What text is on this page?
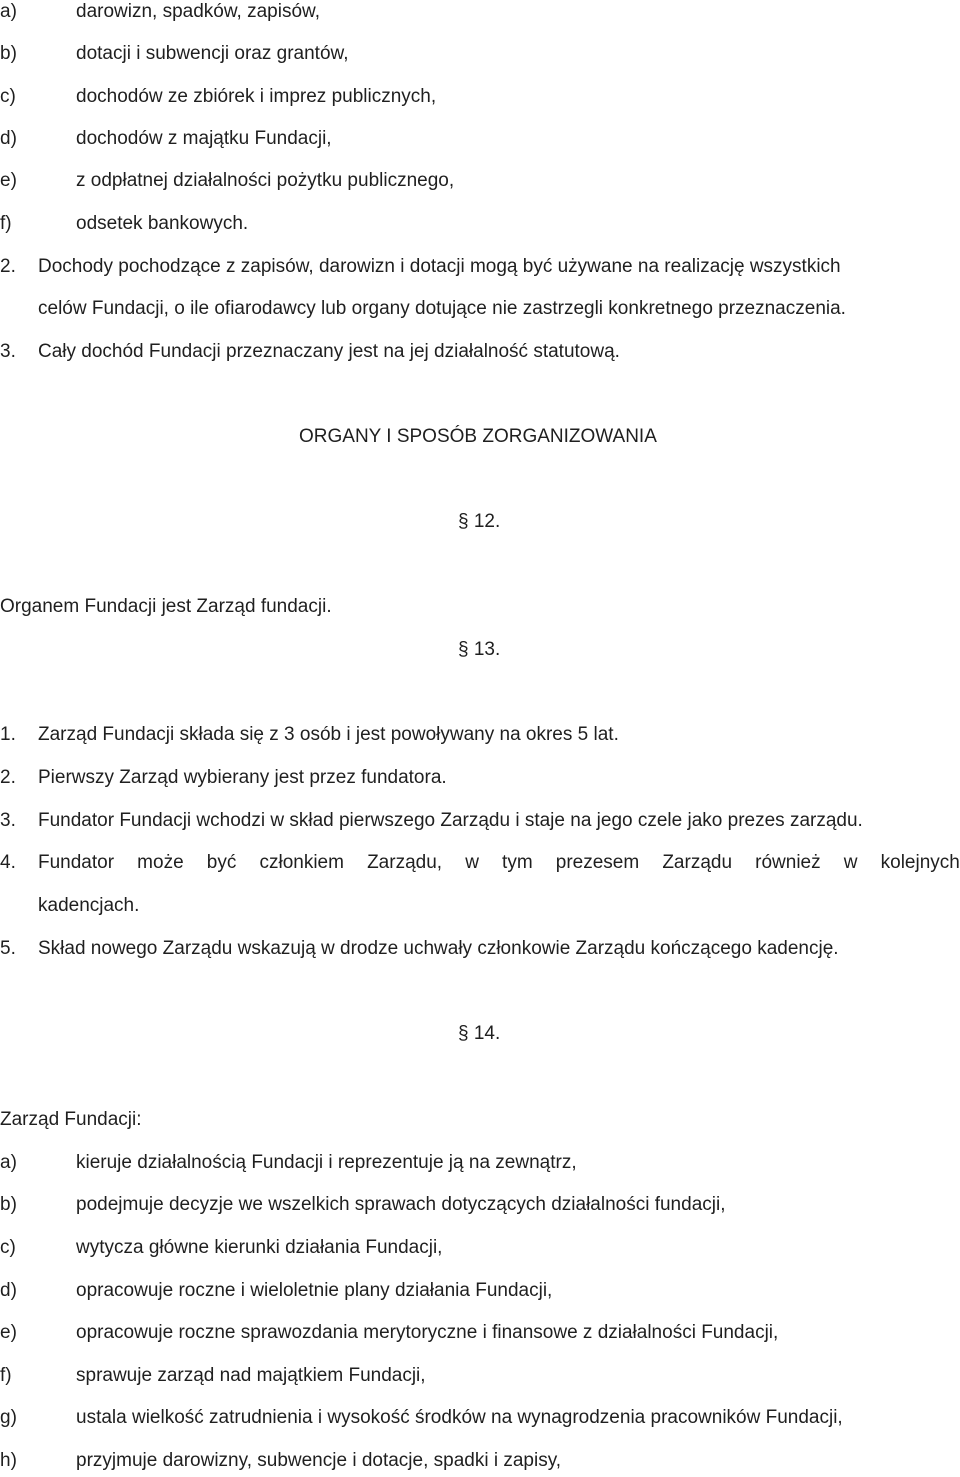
a)	darowizn, spadków, zapisów,
b)	dotacji i subwencji oraz grantów,
c)	dochodów ze zbiórek i imprez publicznych,
d)	dochodów z majątku Fundacji,
e)	z odpłatnej działalności pożytku publicznego,
f)	odsetek bankowych.
2. Dochody pochodzące z zapisów, darowizn i dotacji mogą być używane na realizację wszystkich
celów Fundacji, o ile ofiarodawcy lub organy dotujące nie zastrzegli konkretnego przeznaczenia.
3. Cały dochód Fundacji przeznaczany jest na jej działalność statutową.
ORGANY I SPOSÓB ZORGANIZOWANIA
§ 12.
Organem Fundacji jest Zarząd fundacji.
§ 13.
1. Zarząd Fundacji składa się z 3 osób i jest powoływany na okres 5 lat.
2. Pierwszy Zarząd wybierany jest przez fundatora.
3. Fundator Fundacji wchodzi w skład pierwszego Zarządu i staje na jego czele jako prezes zarządu.
4. Fundator może być członkiem Zarządu, w tym prezesem Zarządu również w kolejnych
kadencjach.
5. Skład nowego Zarządu wskazują w drodze uchwały członkowie Zarządu kończącego kadencję.
§ 14.
Zarząd Fundacji:
a)	kieruje działalnością Fundacji i reprezentuje ją na zewnątrz,
b)	podejmuje decyzje we wszelkich sprawach dotyczących działalności fundacji,
c)	wytycza główne kierunki działania Fundacji,
d)	opracowuje roczne i wieloletnie plany działania Fundacji,
e)	opracowuje roczne sprawozdania merytoryczne i finansowe z działalności Fundacji,
f)	sprawuje zarząd nad majątkiem Fundacji,
g)	ustala wielkość zatrudnienia i wysokość środków na wynagrodzenia pracowników Fundacji,
h)	przyjmuje darowizny, subwencje i dotacje, spadki i zapisy,
